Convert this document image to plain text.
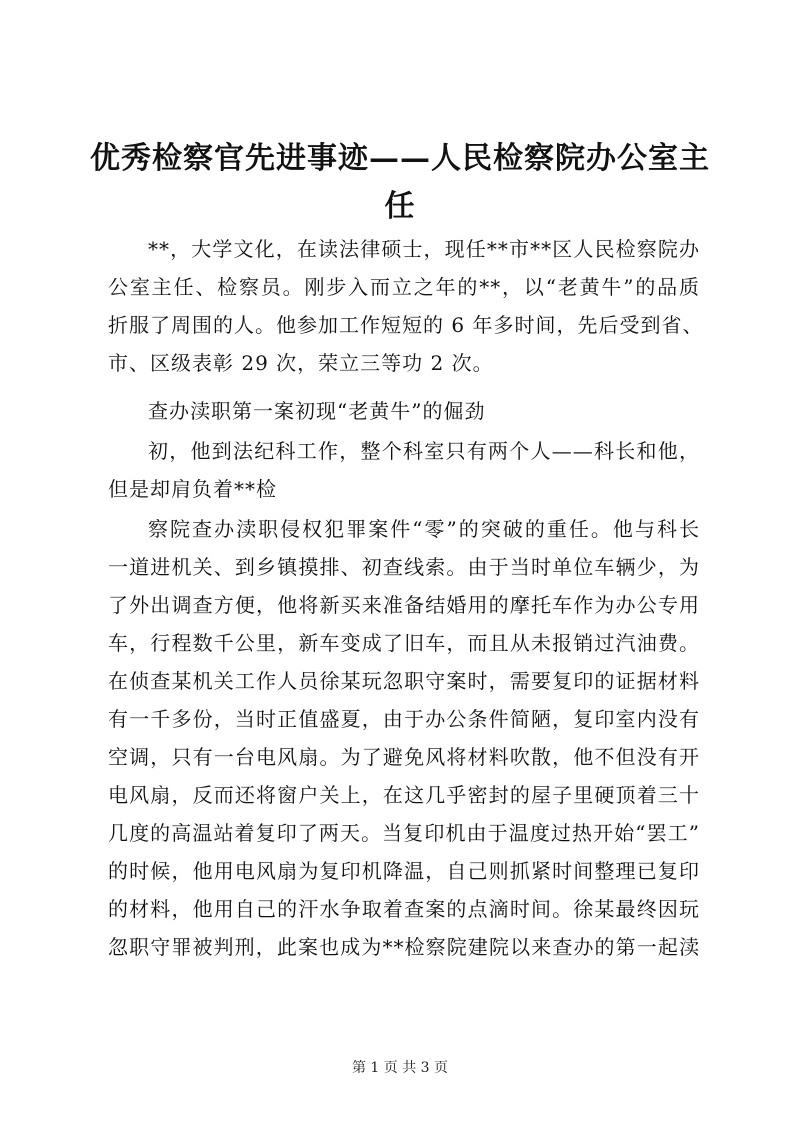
优秀检察官先进事迹——人民检察院办公室主
任
**，大学文化，在读法律硕士，现任**市**区人民检察院办
公室主任、检察员。刚步入而立之年的**，以“老黄牛”的品质
折服了周围的人。他参加工作短短的 6 年多时间，先后受到省、
市、区级表彰 29 次，荣立三等功 2 次。
查办渎职第一案初现“老黄牛”的倔劲
初，他到法纪科工作，整个科室只有两个人——科长和他，
但是却肩负着**检
察院查办渎职侵权犯罪案件“零”的突破的重任。他与科长
一道进机关、到乡镇摸排、初查线索。由于当时单位车辆少，为
了外出调查方便，他将新买来准备结婚用的摩托车作为办公专用
车，行程数千公里，新车变成了旧车，而且从未报销过汽油费。
在侦查某机关工作人员徐某玩忽职守案时，需要复印的证据材料
有一千多份，当时正值盛夏，由于办公条件简陋，复印室内没有
空调，只有一台电风扇。为了避免风将材料吹散，他不但没有开
电风扇，反而还将窗户关上，在这几乎密封的屋子里硬顶着三十
几度的高温站着复印了两天。当复印机由于温度过热开始“罢工”
的时候，他用电风扇为复印机降温，自己则抓紧时间整理已复印
的材料，他用自己的汗水争取着查案的点滴时间。徐某最终因玩
忽职守罪被判刑，此案也成为**检察院建院以来查办的第一起渎
第 1 页 共 3 页
